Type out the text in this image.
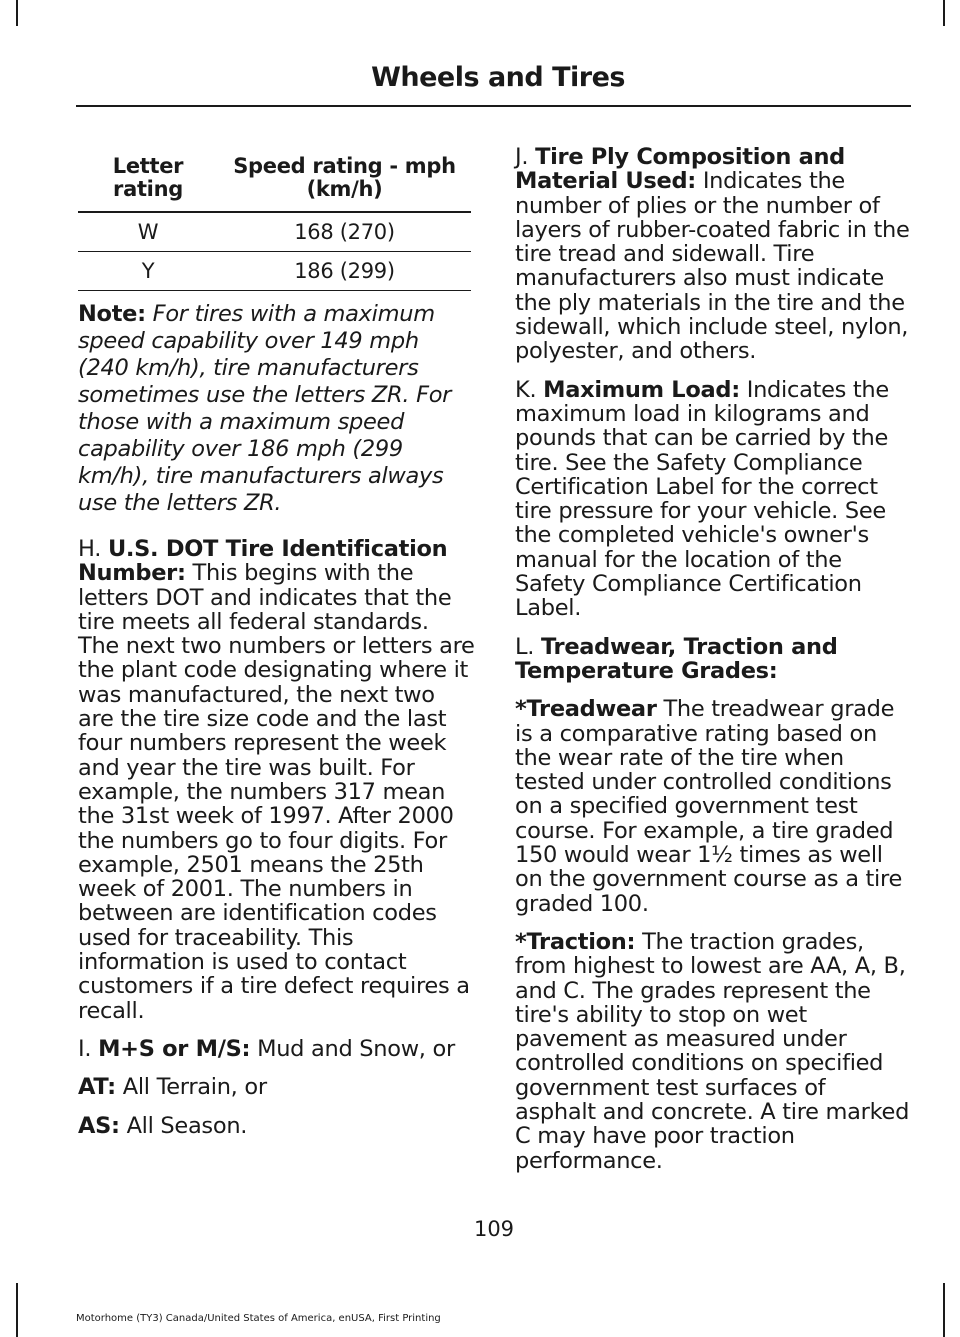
Wheels and Tires
Letter rating	Speed rating - mph (km/h)
W	168 (270)
Y	186 (299)

Note: For tires with a maximum speed capability over 149 mph (240 km/h), tire manufacturers sometimes use the letters ZR. For those with a maximum speed capability over 186 mph (299 km/h), tire manufacturers always use the letters ZR.

H. U.S. DOT Tire Identification Number: This begins with the letters DOT and indicates that the tire meets all federal standards. The next two numbers or letters are the plant code designating where it was manufactured, the next two are the tire size code and the last four numbers represent the week and year the tire was built. For example, the numbers 317 mean the 31st week of 1997. After 2000 the numbers go to four digits. For example, 2501 means the 25th week of 2001. The numbers in between are identification codes used for traceability. This information is used to contact customers if a tire defect requires a recall.

I. M+S or M/S: Mud and Snow, or

AT: All Terrain, or

AS: All Season.

J. Tire Ply Composition and Material Used: Indicates the number of plies or the number of layers of rubber-coated fabric in the tire tread and sidewall. Tire manufacturers also must indicate the ply materials in the tire and the sidewall, which include steel, nylon, polyester, and others.

K. Maximum Load: Indicates the maximum load in kilograms and pounds that can be carried by the tire. See the Safety Compliance Certification Label for the correct tire pressure for your vehicle. See the completed vehicle's owner's manual for the location of the Safety Compliance Certification Label.

L. Treadwear, Traction and Temperature Grades:

*Treadwear The treadwear grade is a comparative rating based on the wear rate of the tire when tested under controlled conditions on a specified government test course. For example, a tire graded 150 would wear 1½ times as well on the government course as a tire graded 100.

*Traction: The traction grades, from highest to lowest are AA, A, B, and C. The grades represent the tire's ability to stop on wet pavement as measured under controlled conditions on specified government test surfaces of asphalt and concrete. A tire marked C may have poor traction performance.

109
Motorhome (TY3) Canada/United States of America, enUSA, First Printing
